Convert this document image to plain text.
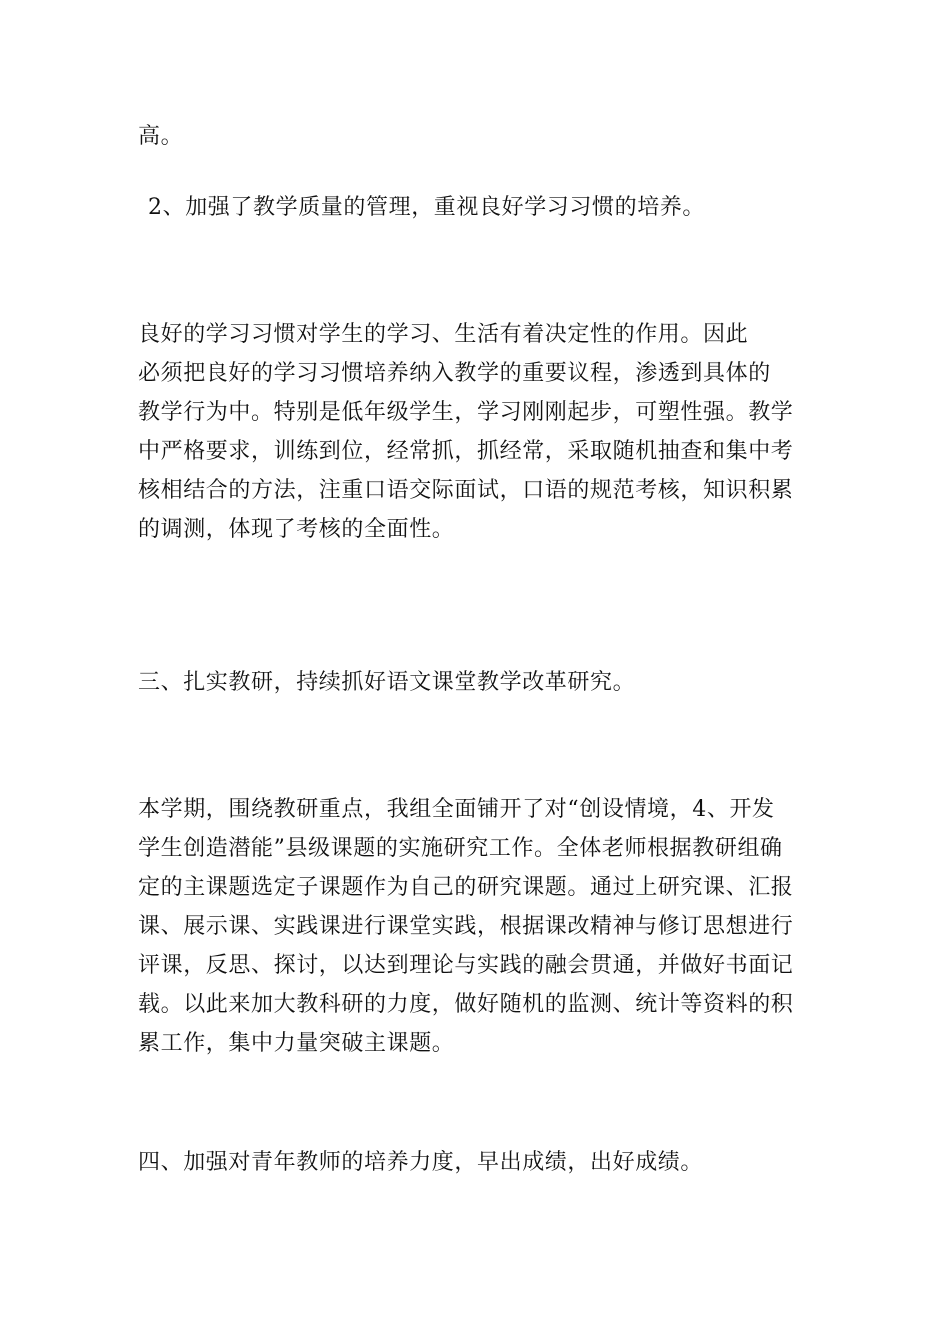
高。

2、加强了教学质量的管理，重视良好学习习惯的培养。

良好的学习习惯对学生的学习、生活有着决定性的作用。因此
必须把良好的学习习惯培养纳入教学的重要议程，渗透到具体的
教学行为中。特别是低年级学生，学习刚刚起步，可塑性强。教学
中严格要求，训练到位，经常抓，抓经常，采取随机抽查和集中考
核相结合的方法，注重口语交际面试，口语的规范考核，知识积累
的调测，体现了考核的全面性。

三、扎实教研，持续抓好语文课堂教学改革研究。

本学期，围绕教研重点，我组全面铺开了对“创设情境，4、开发
学生创造潜能”县级课题的实施研究工作。全体老师根据教研组确
定的主课题选定子课题作为自己的研究课题。通过上研究课、汇报
课、展示课、实践课进行课堂实践，根据课改精神与修订思想进行
评课，反思、探讨，以达到理论与实践的融会贯通，并做好书面记
载。以此来加大教科研的力度，做好随机的监测、统计等资料的积
累工作，集中力量突破主课题。

四、加强对青年教师的培养力度，早出成绩，出好成绩。
